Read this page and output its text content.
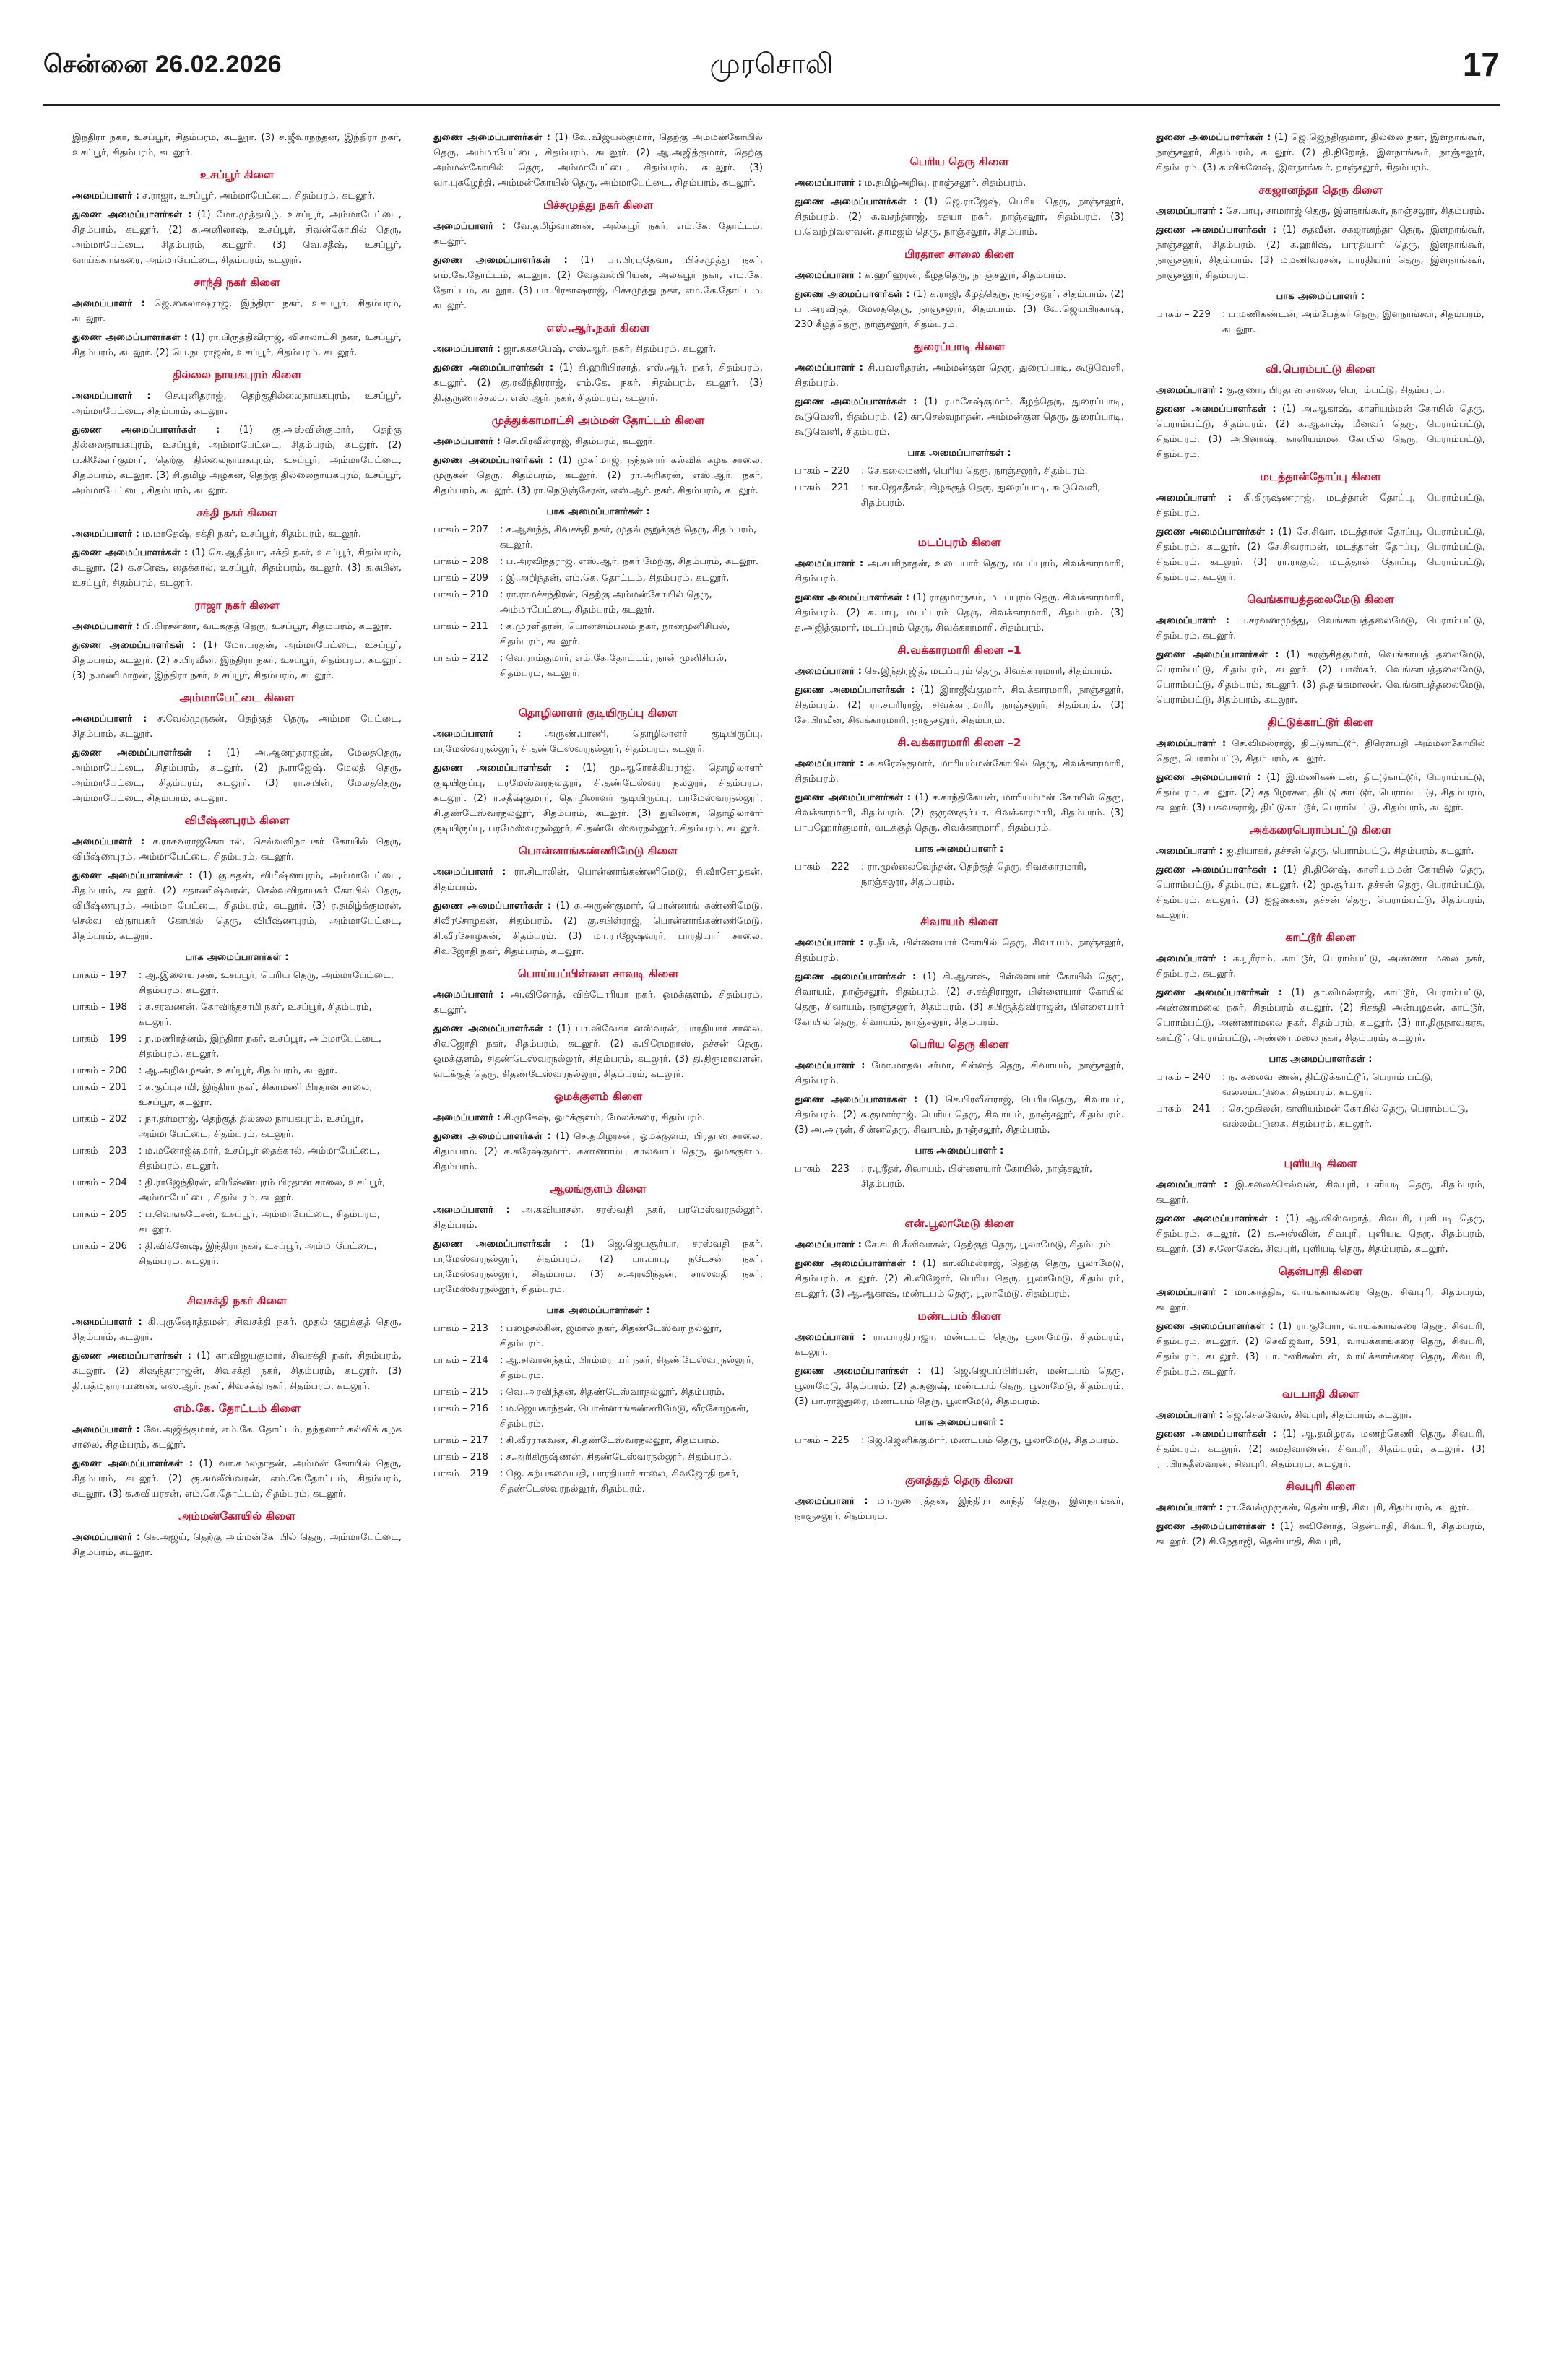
சென்னை 26.02.2026	முரசொலி	17

இந்திரா நகர், உசப்பூர், சிதம்பரம், கடலூர். (3) ச.ஜீவாநந்தன், இந்திரா நகர், உசப்பூர், சிதம்பரம், கடலூர்.

உசப்பூர் கிளை

அமைப்பாளர் : ச.ராஜா, உசப்பூர், அம்மாபேட்டை, சிதம்பரம், கடலூர்.

துணை அமைப்பாளர்கள் : (1) மோ.முத்தமிழ், உசப்பூர், அம்மாபேட்டை, சிதம்பரம், கடலூர். (2) க.அனிலாஷ், உசப்பூர், சிவன்கோயில் தெரு, அம்மாபேட்டை, சிதம்பரம், கடலூர். (3) வெ.சதீஷ், உசப்பூர், வாய்க்காங்கரை, அம்மாபேட்டை, சிதம்பரம், கடலூர்.

சாந்தி நகர் கிளை

அமைப்பாளர் : ஜெ.கைலாஷ்ராஜ், இந்திரா நகர், உசப்பூர், சிதம்பரம், கடலூர்.

துணை அமைப்பாளர்கள் : (1) ரா.பிருத்திவிராஜ், விசாலாட்சி நகர், உசப்பூர், சிதம்பரம், கடலூர். (2) பெ.நடராஜன், உசப்பூர், சிதம்பரம், கடலூர்.

தில்லை நாயகபுரம் கிளை

அமைப்பாளர் : செ.புனிதராஜ், தெற்குதில்லைநாயகபுரம், உசப்பூர், அம்மாபேட்டை, சிதம்பரம், கடலூர்.

துணை அமைப்பாளர்கள் : (1) கு.அஸ்வின்குமார், தெற்கு தில்லைநாயகபுரம், உசப்பூர், அம்மாபேட்டை, சிதம்பரம், கடலூர். (2) ப.கிஷோர்குமார், தெற்கு தில்லைநாயகபுரம், உசப்பூர், அம்மாபேட்டை, சிதம்பரம், கடலூர். (3) சி.தமிழ் அழகன், தெற்கு தில்லைநாயகபுரம், உசப்பூர், அம்மாபேட்டை, சிதம்பரம், கடலூர்.

சக்தி நகர் கிளை

அமைப்பாளர் : ம.மாதேஷ், சக்தி நகர், உசப்பூர், சிதம்பரம், கடலூர்.

துணை அமைப்பாளர்கள் : (1) செ.ஆதித்யா, சக்தி நகர், உசப்பூர், சிதம்பரம், கடலூர். (2) க.சுரேஷ், தைக்கால், உசப்பூர், சிதம்பரம், கடலூர். (3) க.சுபின், உசப்பூர், சிதம்பரம், கடலூர்.

ராஜா நகர் கிளை

அமைப்பாளர் : பி.பிரசன்னா, வடக்குத் தெரு, உசப்பூர், சிதம்பரம், கடலூர்.

துணை அமைப்பாளர்கள் : (1) மோ.பரதன், அம்மாபேட்டை, உசப்பூர், சிதம்பரம், கடலூர். (2) ச.பிரவீன், இந்திரா நகர், உசப்பூர், சிதம்பரம், கடலூர். (3) ந.மணிமாறன், இந்திரா நகர், உசப்பூர், சிதம்பரம், கடலூர்.

அம்மாபேட்டை கிளை

அமைப்பாளர் : ச.வேல்முருகன், தெற்குத் தெரு, அம்மா பேட்டை, சிதம்பரம், கடலூர்.

துணை அமைப்பாளர்கள் : (1) அ.ஆனந்தராஜன், மேலத்தெரு, அம்மாபேட்டை, சிதம்பரம், கடலூர். (2) ந.ராஜேஷ், மேலத் தெரு, அம்மாபேட்டை, சிதம்பரம், கடலூர். (3) ரா.சுபின், மேலத்தெரு, அம்மாபேட்டை, சிதம்பரம், கடலூர்.

விபீஷ்ணபுரம் கிளை

அமைப்பாளர் : ச.ராசுவராஜகோபால், செல்வவிநாயகர் கோயில் தெரு, விபீஷ்ணபுரம், அம்மாபேட்டை, சிதம்பரம், கடலூர்.

துணை அமைப்பாளர்கள் : (1) கு.சுதன், விபீஷ்ணபுரம், அம்மாபேட்டை, சிதம்பரம், கடலூர். (2) சதாணிஷ்வரன், செல்வவிநாயகர் கோயில் தெரு, விபீஷ்ணபுரம், அம்மா பேட்டை, சிதம்பரம், கடலூர். (3) ர.தமிழ்க்குமரன், செல்வ விநாயகர் கோயில் தெரு, விபீஷ்ணபுரம், அம்மாபேட்டை, சிதம்பரம், கடலூர்.

பாக அமைப்பாளர்கள் :
பாகம் – 197	: ஆ.இளையரசன், உசப்பூர், பெரிய தெரு, அம்மாபேட்டை, சிதம்பரம், கடலூர்.
பாகம் – 198	: க.சரவணன், கோவிந்தசாமி நகர், உசப்பூர், சிதம்பரம், கடலூர்.
பாகம் – 199	: ந.மணிரத்னம், இந்திரா நகர், உசப்பூர், அம்மாபேட்டை, சிதம்பரம், கடலூர்.
பாகம் – 200	: ஆ.அறிவழகன், உசப்பூர், சிதம்பரம், கடலூர்.
பாகம் – 201	: க.குப்புசாமி, இந்திரா நகர், சிகாமணி பிரதான சாலை, உசப்பூர், கடலூர்.
பாகம் – 202	: நா.தர்மராஜ், தெற்குத் தில்லை நாயகபுரம், உசப்பூர், அம்மாபேட்டை, சிதம்பரம், கடலூர்.
பாகம் – 203	: ம.மனோஜ்குமார், உசப்பூர் தைக்கால், அம்மாபேட்டை, சிதம்பரம், கடலூர்.
பாகம் – 204	: தி.ராஜேந்திரன், விபீஷ்ணபுரம் பிரதான சாலை, உசப்பூர், அம்மாபேட்டை, சிதம்பரம், கடலூர்.
பாகம் – 205	: ப.வெங்கடேசன், உசப்பூர், அம்மாபேட்டை, சிதம்பரம், கடலூர்.
பாகம் – 206	: தி.விக்னேஷ், இந்திரா நகர், உசப்பூர், அம்மாபேட்டை, சிதம்பரம், கடலூர்.
சிவசக்தி நகர் கிளை

அமைப்பாளர் : கி.புருஷோத்தமன், சிவசக்தி நகர், முதல் குறுக்குத் தெரு, சிதம்பரம், கடலூர்.

துணை அமைப்பாளர்கள் : (1) கா.விஜயகுமார், சிவசக்தி நகர், சிதம்பரம், கடலூர். (2) கிஷந்தாராஜன், சிவசக்தி நகர், சிதம்பரம், கடலூர். (3) தி.பத்மநாராயணன், எஸ்.ஆர். நகர், சிவசக்தி நகர், சிதம்பரம், கடலூர்.

எம்.கே. தோட்டம் கிளை

அமைப்பாளர் : வே.அஜித்குமார், எம்.கே. தோட்டம், நந்தனார் கல்விக் கழக சாலை, சிதம்பரம், கடலூர்.

துணை அமைப்பாளர்கள் : (1) வா.சுமலநாதன், அம்மன் கோயில் தெரு, சிதம்பரம், கடலூர். (2) கு.சுமலீஸ்வரன், எம்.கே.தோட்டம், சிதம்பரம், கடலூர். (3) க.கவியரசன், எம்.கே.தோட்டம், சிதம்பரம், கடலூர்.

அம்மன்கோயில் கிளை

அமைப்பாளர் : செ.அஜய், தெற்கு அம்மன்கோயில் தெரு, அம்மாபேட்டை, சிதம்பரம், கடலூர்.

துணை அமைப்பாளர்கள் : (1) வே.விஜயல்குமார், தெற்கு அம்மன்கோயில் தெரு, அம்மாபேட்டை, சிதம்பரம், கடலூர். (2) ஆ.அஜித்குமார், தெற்கு அம்மன்கோயில் தெரு, அம்மாபேட்டை, சிதம்பரம், கடலூர். (3) வா.புகழேந்தி, அம்மன்கோயில் தெரு, அம்மாபேட்டை, சிதம்பரம், கடலூர்.

பிச்சமுத்து நகர் கிளை

அமைப்பாளர் : வே.தமிழ்வாணன், அல்கபூர் நகர், எம்.கே. தோட்டம், கடலூர்.

துணை அமைப்பாளர்கள் : (1) பா.பிரபுதேவா, பிச்சமுத்து நகர், எம்.கே.தோட்டம், கடலூர். (2) வேதவல்பிரியன், அல்கபூர் நகர், எம்.கே. தோட்டம், கடலூர். (3) பா.பிரகாஷ்ராஜ், பிச்சமுத்து நகர், எம்.கே.தோட்டம், கடலூர்.

எஸ்.ஆர்.நகர் கிளை

அமைப்பாளர் : ஜா.சுகசுபேஷ், எஸ்.ஆர். நகர், சிதம்பரம், கடலூர்.

துணை அமைப்பாளர்கள் : (1) சி.ஹரிபிரசாத், எஸ்.ஆர். நகர், சிதம்பரம், கடலூர். (2) கு.ரவீந்திரராஜ், எம்.கே. நகர், சிதம்பரம், கடலூர். (3) தி.குருணாச்சலம், எஸ்.ஆர். நகர், சிதம்பரம், கடலூர்.

முத்துக்காமாட்சி அம்மன் தோட்டம் கிளை

அமைப்பாளர் : செ.பிரவீன்ராஜ், சிதம்பரம், கடலூர்.

துணை அமைப்பாளர்கள் : (1) முகர்மாஜ், நந்தனார் கல்விக் கழக சாலை, முருகன் தெரு, சிதம்பரம், கடலூர். (2) ரா.அரிகரன், எஸ்.ஆர். நகர், சிதம்பரம், கடலூர். (3) ரா.நெடுஞ்சேரன், எஸ்.ஆர். நகர், சிதம்பரம், கடலூர்.

பாக அமைப்பாளர்கள் :
பாகம் – 207	: ச.ஆனந்த், சிவசக்தி நகர், முதல் குறுக்குத் தெரு, சிதம்பரம், கடலூர்.
பாகம் – 208	: ப.அரவிந்தராஜ், எஸ்.ஆர். நகர் மேற்கு, சிதம்பரம், கடலூர்.
பாகம் – 209	: இ.அறிந்தன், எம்.கே. தோட்டம், சிதம்பரம், கடலூர்.
பாகம் – 210	: ரா.ராமச்சந்திரன், தெற்கு அம்மன்கோயில் தெரு, அம்மாபேட்டை, சிதம்பரம், கடலூர்.
பாகம் – 211	: க.முரளிதரன், பொன்னம்பலம் நகர், நான்முனிசிபல், சிதம்பரம், கடலூர்.
பாகம் – 212	: வெ.ராம்குமார், எம்.கே.தோட்டம், நான் முனிசிபல், சிதம்பரம், கடலூர்.
தொழிலாளர் குடியிருப்பு கிளை

அமைப்பாளர் : அருண்.பாணி, தொழிலாளர் குடியிருப்பு, பரமேஸ்வரநல்லூர், சி.தண்டேஸ்வரநல்லூர், சிதம்பரம், கடலூர்.

துணை அமைப்பாளர்கள் : (1) மு.ஆரோக்கியராஜ், தொழிலாளர் குடியிருப்பு, பரமேஸ்வரநல்லூர், சி.தண்டேஸ்வர நல்லூர், சிதம்பரம், கடலூர். (2) ர.சதீஷ்குமார், தொழிலாளர் குடியிருப்பு, பரமேஸ்வரநல்லூர், சி.தண்டேஸ்வரநல்லூர், சிதம்பரம், கடலூர். (3) துயிலரசு, தொழிலாளர் குடியிருப்பு, பரமேஸ்வரநல்லூர், சி.தண்டேஸ்வரநல்லூர், சிதம்பரம், கடலூர்.

பொன்னாங்கண்ணிமேடு கிளை

அமைப்பாளர் : ரா.சிடாலின், பொன்னாங்கண்ணிமேடு, சி.வீரசோழகன், சிதம்பரம்.

துணை அமைப்பாளர்கள் : (1) க.அருண்குமார், பொன்னாங் கண்ணிமேடு, சிவீரசோழகன், சிதம்பரம். (2) கு.சபிள்ராஜ், பொன்னாங்கண்ணிமேடு, சி.வீரசோழகன், சிதம்பரம். (3) மா.ராஜேஷ்வரர், பாரதியார் சாலை, சிவஜோதி நகர், சிதம்பரம், கடலூர்.

பொய்யப்பிள்ளை சாவடி கிளை

அமைப்பாளர் : அ.வினோத், விக்டோரியா நகர், ஓமக்குளம், சிதம்பரம், கடலூர்.

துணை அமைப்பாளர்கள் : (1) பா.விவேகா னஸ்வரன், பாரதியார் சாலை, சிவஜோதி நகர், சிதம்பரம், கடலூர். (2) சு.பிரேமநாஸ், தச்சன் தெரு, ஓமக்குளம், சிதண்டேஸ்வரநல்லூர், சிதம்பரம், கடலூர். (3) தி.திருமாவளன், வடக்குத் தெரு, சிதண்டேஸ்வரநல்லூர், சிதம்பரம், கடலூர்.

ஓமக்குளம் கிளை

அமைப்பாளர் : சி.முகேஷ், ஓமக்குளம், மேலக்கரை, சிதம்பரம்.

துணை அமைப்பாளர்கள் : (1) செ.தமிழரசன், ஓமக்குளம், பிரதான சாலை, சிதம்பரம். (2) சு.சுரேஷ்குமார், சுண்ணாம்பு கால்வாய் தெரு, ஓமக்குளம், சிதம்பரம்.

ஆலங்குளம் கிளை

அமைப்பாளர் : அ.சுவியரசன், சரஸ்வதி நகர், பரமேஸ்வரநல்லூர், சிதம்பரம்.

துணை அமைப்பாளர்கள் : (1) ஜெ.ஜெயசூர்யா, சரஸ்வதி நகர், பரமேஸ்வரநல்லூர், சிதம்பரம். (2) பா.பாபு, நடேசன் நகர், பரமேஸ்வரநல்லூர், சிதம்பரம். (3) ச.அரவிந்தன், சரஸ்வதி நகர், பரமேஸ்வரநல்லூர், சிதம்பரம்.

பாக அமைப்பாளர்கள் :
பாகம் – 213	: பழைசல்கின், ஜமால் நகர், சிதண்டேஸ்வர நல்லூர், சிதம்பரம்.
பாகம் – 214	: ஆ.சிவானந்தம், பிரம்மராயர் நகர், சிதண்டேஸ்வரநல்லூர், சிதம்பரம்.
பாகம் – 215	: வெ.அரவிந்தன், சிதண்டேஸ்வரநல்லூர், சிதம்பரம்.
பாகம் – 216	: ம.ஜெயகாந்தன், பொன்னாங்கண்ணிமேடு, வீரசோழகன், சிதம்பரம்.
பாகம் – 217	: கி.வீரராகவன், சி.தண்டேஸ்வரநல்லூர், சிதம்பரம்.
பாகம் – 218	: ச.அரிகிருஷ்ணன், சிதண்டேஸ்வரநல்லூர், சிதம்பரம்.
பாகம் – 219	: ஜெ. கற்பகவைபதி, பாரதியார் சாலை, சிவஜோதி நகர், சிதண்டேஸ்வரநல்லூர், சிதம்பரம்.
பெரிய தெரு கிளை

அமைப்பாளர் : ம.தமிழ்அறிவு, நாஞ்சலூர், சிதம்பரம்.

துணை அமைப்பாளர்கள் : (1) ஜெ.ராஜேஷ், பெரிய தெரு, நாஞ்சலூர், சிதம்பரம். (2) க.வசந்த்ராஜ், சதயா நகர், நாஞ்சலூர், சிதம்பரம். (3) ப.வெற்றிவளவன், தாமஜம் தெரு, நாஞ்சலூர், சிதம்பரம்.

பிரதான சாலை கிளை

அமைப்பாளர் : க.ஹரிஹரன், கீழத்தெரு, நாஞ்சலூர், சிதம்பரம்.

துணை அமைப்பாளர்கள் : (1) க.ராஜி, கீழத்தெரு, நாஞ்சலூர், சிதம்பரம். (2) பா.அரவிந்த், மேலத்தெரு, நாஞ்சலூர், சிதம்பரம். (3) வே.ஜெயபிரகாஷ், 230 கீழத்தெரு, நாஞ்சலூர், சிதம்பரம்.

துரைப்பாடி கிளை

அமைப்பாளர் : சி.பவளிதரன், அம்மன்குள தெரு, துரைப்பாடி, கூடுவெளி, சிதம்பரம்.

துணை அமைப்பாளர்கள் : (1) ர.மகேஷ்குமார், கீழத்தெரு, துரைப்பாடி, கூடுவெளி, சிதம்பரம். (2) கா.செல்வநாதன், அம்மன்குள தெரு, துரைப்பாடி, கூடுவெளி, சிதம்பரம்.

பாக அமைப்பாளர்கள் :
பாகம் – 220	: சே.கலைமணி, பெரிய தெரு, நாஞ்சலூர், சிதம்பரம்.
பாகம் – 221	: கா.ஜெகதீசன், கிழக்குத் தெரு, துரைப்பாடி, கூடுவெளி, சிதம்பரம்.
மடப்புரம் கிளை

அமைப்பாளர் : அ.சபரிநாதன், உடையார் தெரு, மடப்புரம், சிவக்காரமாரி, சிதம்பரம்.

துணை அமைப்பாளர்கள் : (1) ராகுமாருகம், மடப்புரம் தெரு, சிவக்காரமாரி, சிதம்பரம். (2) சு.பாபு, மடப்புரம் தெரு, சிவக்காரமாரி, சிதம்பரம். (3) த.அஜித்குமார், மடப்புரம் தெரு, சிவக்காரமாரி, சிதம்பரம்.

சி.வக்காரமாரி கிளை –1

அமைப்பாளர் : செ.இந்திரஜித், மடப்புரம் தெரு, சிவக்காரமாரி, சிதம்பரம்.

துணை அமைப்பாளர்கள் : (1) இராஜீவ்குமார், சிவக்காரமாரி, நாஞ்சலூர், சிதம்பரம். (2) ரா.சபரிராஜ், சிவக்காரமாரி, நாஞ்சலூர், சிதம்பரம். (3) சே.பிரவீன், சிவக்காரமாரி, நாஞ்சலூர், சிதம்பரம்.

சி.வக்காரமாரி கிளை –2

அமைப்பாளர் : சு.சுரேஷ்குமார், மாரியம்மன்கோயில் தெரு, சிவக்காரமாரி, சிதம்பரம்.

துணை அமைப்பாளர்கள் : (1) ச.காந்திகேயன், மாரியம்மன் கோயில் தெரு, சிவக்காரமாரி, சிதம்பரம். (2) குருணசூர்யா, சிவக்காரமாரி, சிதம்பரம். (3) பாபஹோர்குமார், வடக்குத் தெரு, சிவக்காரமாரி, சிதம்பரம்.

பாக அமைப்பாளர் :
பாகம் – 222	: ரா.முல்லைவேந்தன், தெற்குத் தெரு, சிவக்காரமாரி, நாஞ்சலூர், சிதம்பரம்.
சிவாயம் கிளை

அமைப்பாளர் : ர.தீபக், பிள்ளையார் கோயில் தெரு, சிவாயம், நாஞ்சலூர், சிதம்பரம்.

துணை அமைப்பாளர்கள் : (1) கி.ஆகாஷ், பிள்ளையார் கோயில் தெரு, சிவாயம், நாஞ்சலூர், சிதம்பரம். (2) சு.சக்திராஜா, பிள்ளையார் கோயில் தெரு, சிவாயம், நாஞ்சலூர், சிதம்பரம். (3) சுபிருத்திவிராஜன், பிள்ளையார் கோயில் தெரு, சிவாயம், நாஞ்சலூர், சிதம்பரம்.

பெரிய தெரு கிளை

அமைப்பாளர் : மோ.மாதவ சர்மா, சின்னத் தெரு, சிவாயம், நாஞ்சலூர், சிதம்பரம்.

துணை அமைப்பாளர்கள் : (1) செ.பிரவீன்ராஜ், பெரியதெரு, சிவாயம், சிதம்பரம். (2) சு.குமார்ராஜ், பெரிய தெரு, சிவாயம், நாஞ்சலூர், சிதம்பரம். (3) அ.அருள், சின்னதெரு, சிவாயம், நாஞ்சலூர், சிதம்பரம்.

பாக அமைப்பாளர் :
பாகம் – 223	: ர.ஸ்ரீதர், சிவாயம், பிள்ளையார் கோயில், நாஞ்சலூர், சிதம்பரம்.
என்.பூலாமேடு கிளை

அமைப்பாளர் : சே.சபரி சீனிவாசன், தெற்குத் தெரு, பூலாமேடு, சிதம்பரம்.

துணை அமைப்பாளர்கள் : (1) கா.விமல்ராஜ், தெற்கு தெரு, பூலாமேடு, சிதம்பரம், கடலூர். (2) சி.விஜோர், பெரிய தெரு, பூலாமேடு, சிதம்பரம், கடலூர். (3) ஆ.ஆகாஷ், மண்டபம் தெரு, பூலாமேடு, சிதம்பரம்.

மண்டபம் கிளை

அமைப்பாளர் : ரா.பாரதிராஜா, மண்டபம் தெரு, பூலாமேடு, சிதம்பரம், கடலூர்.

துணை அமைப்பாளர்கள் : (1) ஜெ.ஜெயப்பிரியன், மண்டபம் தெரு, பூலாமேடு, சிதம்பரம். (2) த.தனுஷ், மண்டபம் தெரு, பூலாமேடு, சிதம்பரம். (3) பா.ராஜதுரை, மண்டபம் தெரு, பூலாமேடு, சிதம்பரம்.

பாக அமைப்பாளர் :
பாகம் – 225	: ஜெ.ஜெனிக்குமார், மண்டபம் தெரு, பூலாமேடு, சிதம்பரம்.
குளத்துத் தெரு கிளை

அமைப்பாளர் : மா.ருணாரத்தன், இந்திரா காந்தி தெரு, இளநாங்கூர், நாஞ்சலூர், சிதம்பரம்.

துணை அமைப்பாளர்கள் : (1) ஜெ.ஜெந்திகுமார், தில்லை நகர், இளநாங்கூர், நாஞ்சலூர், சிதம்பரம், கடலூர். (2) தி.நிறோத், இளநாங்கூர், நாஞ்சலூர், சிதம்பரம். (3) க.விக்னேஷ், இளநாங்கூர், நாஞ்சலூர், சிதம்பரம்.

சகஜானந்தா தெரு கிளை

அமைப்பாளர் : சே.பாபு, சாமராஜ் தெரு, இளநாங்கூர், நாஞ்சலூர், சிதம்பரம்.

துணை அமைப்பாளர்கள் : (1) சுதவீன், சகஜானந்தா தெரு, இளநாங்கூர், நாஞ்சலூர், சிதம்பரம். (2) க.ஹரிஷ், பாரதியார் தெரு, இளநாங்கூர், நாஞ்சலூர், சிதம்பரம். (3) மமணிவரசன், பாரதியார் தெரு, இளநாங்கூர், நாஞ்சலூர், சிதம்பரம்.

பாக அமைப்பாளர் :
பாகம் – 229	: ப.மணிகண்டன், அம்பேத்கர் தெரு, இளநாங்கூர், சிதம்பரம், கடலூர்.
வி.பெரம்பட்டு கிளை

அமைப்பாளர் : கு.குணா, பிரதான சாலை, பெராம்பட்டு, சிதம்பரம்.

துணை அமைப்பாளர்கள் : (1) அ.ஆகாஷ், காளியம்மன் கோயில் தெரு, பெராம்பட்டு, சிதம்பரம். (2) க.ஆகாஷ், மீனவர் தெரு, பெராம்பட்டு, சிதம்பரம். (3) அபினாஷ், காளியம்மன் கோயில் தெரு, பெராம்பட்டு, சிதம்பரம்.

மடத்தான்தோப்பு கிளை

அமைப்பாளர் : கி.கிருஷ்ணராஜ், மடத்தான் தோப்பு, பெராம்பட்டு, சிதம்பரம்.

துணை அமைப்பாளர்கள் : (1) சே.சிவா, மடத்தான் தோப்பு, பெராம்பட்டு, சிதம்பரம், கடலூர். (2) சே.சிவராமன், மடத்தான் தோப்பு, பெராம்பட்டு, சிதம்பரம், கடலூர். (3) ரா.ராகுல், மடத்தான் தோப்பு, பெராம்பட்டு, சிதம்பரம், கடலூர்.

வெங்காயத்தலைமேடு கிளை

அமைப்பாளர் : ப.சரவணமுத்து, வெங்காயத்தலைமேடு, பெராம்பட்டு, சிதம்பரம், கடலூர்.

துணை அமைப்பாளர்கள் : (1) சுரஞ்சித்குமார், வெங்காயத் தலைமேடு, பெராம்பட்டு, சிதம்பரம், கடலூர். (2) பாஸ்கர், வெங்காயத்தலைமேடு, பெராம்பட்டு, சிதம்பரம், கடலூர். (3) த.தங்கமாலன், வெங்காயத்தலைமேடு, பெராம்பட்டு, சிதம்பரம், கடலூர்.

திட்டுக்காட்டூர் கிளை

அமைப்பாளர் : செ.விமல்ராஜ், திட்டுகாட்டூர், திரௌபதி அம்மன்கோயில் தெரு, பெராம்பட்டு, சிதம்பரம், கடலூர்.

துணை அமைப்பாளர் : (1) இ.மணிகண்டன், திட்டுகாட்டூர், பெராம்பட்டு, சிதம்பரம், கடலூர். (2) சதமிழரசன், திட்டு காட்டூர், பெராம்பட்டு, சிதம்பரம், கடலூர். (3) பசுவகராஜ், திட்டுகாட்டூர், பெராம்பட்டு, சிதம்பரம், கடலூர்.

அக்கரைபெராம்பட்டு கிளை

அமைப்பாளர் : ஐ.தியாகர், தச்சன் தெரு, பெராம்பட்டு, சிதம்பரம், கடலூர்.

துணை அமைப்பாளர்கள் : (1) தி.தினேஷ், காளியம்மன் கோயில் தெரு, பெராம்பட்டு, சிதம்பரம், கடலூர். (2) மு.சூர்யா, தச்சன் தெரு, பெராம்பட்டு, சிதம்பரம், கடலூர். (3) ஐஜனகன், தச்சன் தெரு, பெராம்பட்டு, சிதம்பரம், கடலூர்.

காட்டூர் கிளை

அமைப்பாளர் : க.பூரீராம், காட்டூர், பெராம்பட்டு, அண்ணா மலை நகர், சிதம்பரம், கடலூர்.

துணை அமைப்பாளர்கள் : (1) தா.விமல்ராஜ், காட்டூர், பெராம்பட்டு, அண்ணாமலை நகர், சிதம்பரம் கடலூர். (2) சிசக்தி அன்பழகன், காட்டூர், பெராம்பட்டு, அண்ணாமலை நகர், சிதம்பரம், கடலூர். (3) ரா.திருநாவுகரசு, காட்டூர், பெராம்பட்டு, அண்ணாமலை நகர், சிதம்பரம், கடலூர்.

பாக அமைப்பாளர்கள் :
பாகம் – 240	: ந. கலைவாணன், திட்டுக்காட்டூர், பெராம் பட்டு, வல்லம்படுகை, சிதம்பரம், கடலூர்.
பாகம் – 241	: செ.முகிலன், காளியம்மன் கோயில் தெரு, பெராம்பட்டு, வல்லம்படுகை, சிதம்பரம், கடலூர்.
புளியடி கிளை

அமைப்பாளர் : இ.கலைச்செல்வன், சிவபுரி, புளியடி தெரு, சிதம்பரம், கடலூர்.

துணை அமைப்பாளர்கள் : (1) ஆ.விஸ்வநாத், சிவபுரி, புளியடி தெரு, சிதம்பரம், கடலூர். (2) க.அஸ்வின், சிவபுரி, புளியடி தெரு, சிதம்பரம், கடலூர். (3) ச.லோகேஷ், சிவபுரி, புளியடி தெரு, சிதம்பரம், கடலூர்.

தென்பாதி கிளை

அமைப்பாளர் : மா.காத்திக், வாய்க்காங்கரை தெரு, சிவபுரி, சிதம்பரம், கடலூர்.

துணை அமைப்பாளர்கள் : (1) ரா.குபேரா, வாய்க்காங்கரை தெரு, சிவபுரி, சிதம்பரம், கடலூர். (2) செவிஜ்வா, 591, வாய்க்காங்கரை தெரு, சிவபுரி, சிதம்பரம், கடலூர். (3) பா.மணிகண்டன், வாய்க்காங்கரை தெரு, சிவபுரி, சிதம்பரம், கடலூர்.

வடபாதி கிளை

அமைப்பாளர் : ஜெ.செல்வேல், சிவபுரி, சிதம்பரம், கடலூர்.

துணை அமைப்பாளர்கள் : (1) ஆ.தமிழரசு, மணற்கேணி தெரு, சிவபுரி, சிதம்பரம், கடலூர். (2) சுமதிவாணன், சிவபுரி, சிதம்பரம், கடலூர். (3) ரா.பிரகதீஸ்வரன், சிவபுரி, சிதம்பரம், கடலூர்.

சிவபுரி கிளை

அமைப்பாளர் : ரா.வேல்முருகன், தென்பாதி, சிவபுரி, சிதம்பரம், கடலூர்.

துணை அமைப்பாளர்கள் : (1) சுவினோத், தென்பாதி, சிவபுரி, சிதம்பரம், கடலூர். (2) சி.நேதாஜி, தென்பாதி, சிவபுரி,
